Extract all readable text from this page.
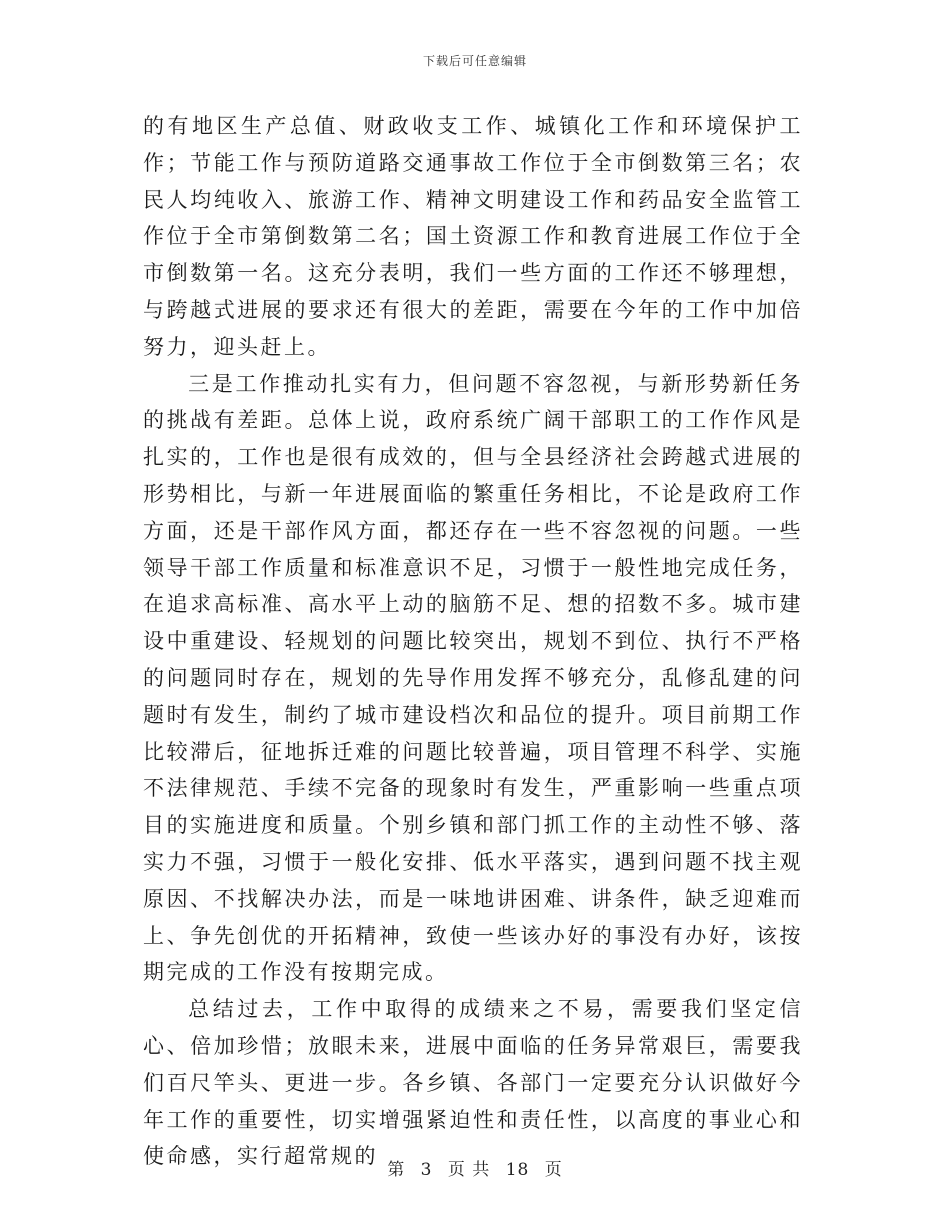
下载后可任意编辑

的有地区生产总值、财政收支工作、城镇化工作和环境保护工作；节能工作与预防道路交通事故工作位于全市倒数第三名；农民人均纯收入、旅游工作、精神文明建设工作和药品安全监管工作位于全市第倒数第二名；国土资源工作和教育进展工作位于全市倒数第一名。这充分表明，我们一些方面的工作还不够理想，与跨越式进展的要求还有很大的差距，需要在今年的工作中加倍努力，迎头赶上。

三是工作推动扎实有力，但问题不容忽视，与新形势新任务的挑战有差距。总体上说，政府系统广阔干部职工的工作作风是扎实的，工作也是很有成效的，但与全县经济社会跨越式进展的形势相比，与新一年进展面临的繁重任务相比，不论是政府工作方面，还是干部作风方面，都还存在一些不容忽视的问题。一些领导干部工作质量和标准意识不足，习惯于一般性地完成任务，在追求高标准、高水平上动的脑筋不足、想的招数不多。城市建设中重建设、轻规划的问题比较突出，规划不到位、执行不严格的问题同时存在，规划的先导作用发挥不够充分，乱修乱建的问题时有发生，制约了城市建设档次和品位的提升。项目前期工作比较滞后，征地拆迁难的问题比较普遍，项目管理不科学、实施不法律规范、手续不完备的现象时有发生，严重影响一些重点项目的实施进度和质量。个别乡镇和部门抓工作的主动性不够、落实力不强，习惯于一般化安排、低水平落实，遇到问题不找主观原因、不找解决办法，而是一味地讲困难、讲条件，缺乏迎难而上、争先创优的开拓精神，致使一些该办好的事没有办好，该按期完成的工作没有按期完成。

总结过去，工作中取得的成绩来之不易，需要我们坚定信心、倍加珍惜；放眼未来，进展中面临的任务异常艰巨，需要我们百尺竿头、更进一步。各乡镇、各部门一定要充分认识做好今年工作的重要性，切实增强紧迫性和责任性，以高度的事业心和使命感，实行超常规的

第 3 页 共 18 页
